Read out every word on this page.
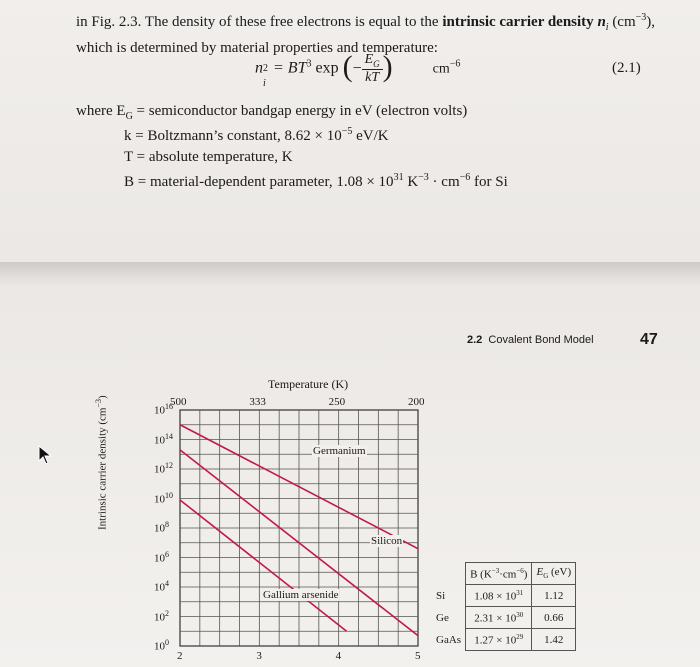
in Fig. 2.3. The density of these free electrons is equal to the intrinsic carrier density $n_i$ $(cm^{-3})$,
which is determined by material properties and temperature:
n 2
i
= $BT^3$ exp (− $\frac{E_G}{kT}$ )	$cm^{-6}$	(2.1)
where $E_G$ = semiconductor bandgap energy in eV (electron volts)
k = Boltzmann’s constant, $8.62 \times 10^{-5}$ eV/K
T = absolute temperature, K
B = material-dependent parameter, $1.08 \times 10^{31}$ $K^{-3} \cdot cm^{-6}$ for Si
2.2 Covalent Bond Model	47
Temperature (K)
Intrinsic carrier density $(cm^{-3})$
$10^0$
$10^2$
$10^4$
$10^6$
$10^8$
$10^{10}$
$10^{12}$
$10^{14}$
$10^{16}$
2	3	4	5
500	333	250	200
Germanium
Silicon
Gallium arsenide
	B $(K^{-3}\cdot cm^{-6})$	$E_G$ (eV)
Si	$1.08 \times 10^{31}$	1.12
Ge	$2.31 \times 10^{30}$	0.66
GaAs	$1.27 \times 10^{29}$	1.42
